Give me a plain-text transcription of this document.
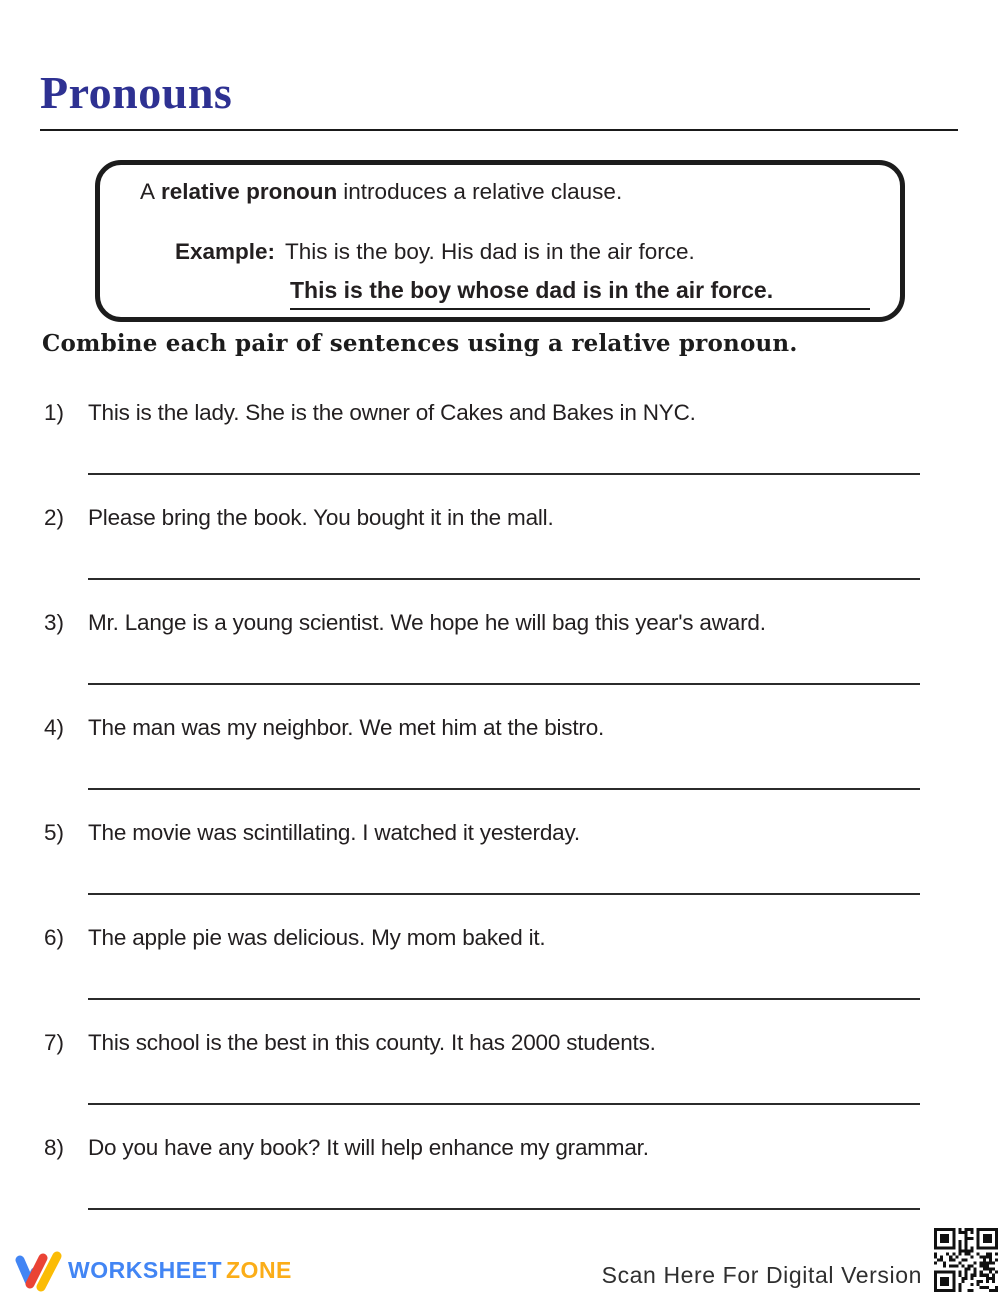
Pronouns
A relative pronoun introduces a relative clause.
Example: This is the boy. His dad is in the air force.
This is the boy whose dad is in the air force.
Combine each pair of sentences using a relative pronoun.
1) This is the lady. She is the owner of Cakes and Bakes in NYC.
2) Please bring the book. You bought it in the mall.
3) Mr. Lange is a young scientist. We hope he will bag this year's award.
4) The man was my neighbor. We met him at the bistro.
5) The movie was scintillating. I watched it yesterday.
6) The apple pie was delicious. My mom baked it.
7) This school is the best in this county. It has 2000 students.
8) Do you have any book? It will help enhance my grammar.
WORKSHEET ZONE	Scan Here For Digital Version
